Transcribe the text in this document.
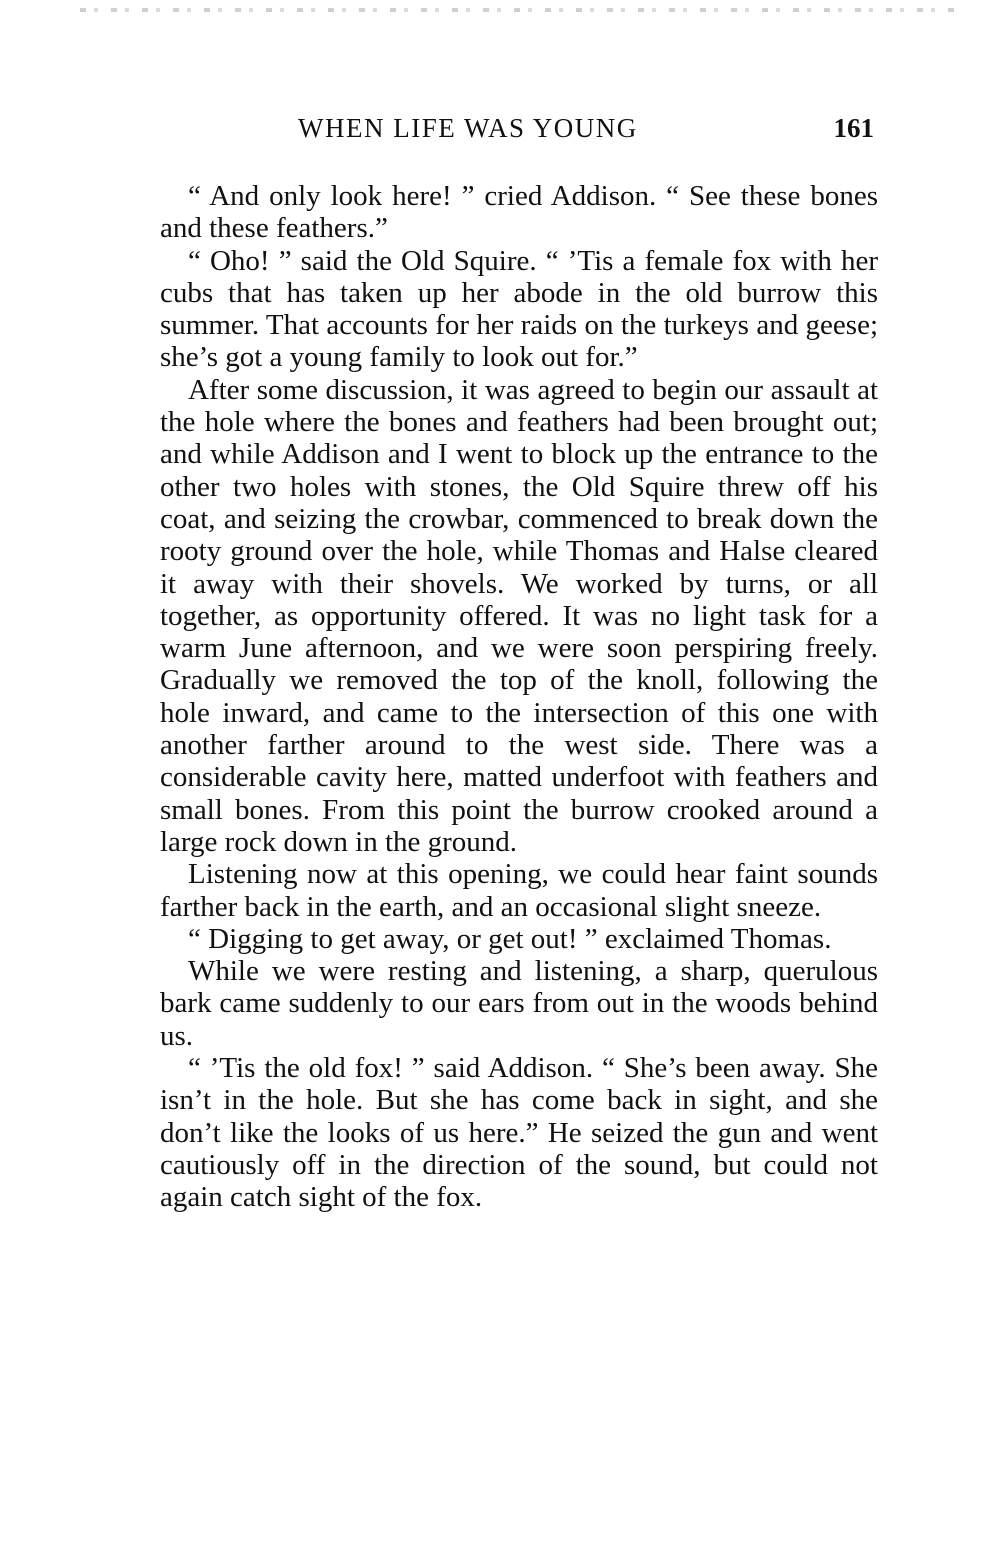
WHEN LIFE WAS YOUNG	161

“ And only look here! ” cried Addison. “ See these bones and these feathers.”

“ Oho! ” said the Old Squire. “ ’Tis a female fox with her cubs that has taken up her abode in the old burrow this summer. That accounts for her raids on the turkeys and geese; she’s got a young family to look out for.”

After some discussion, it was agreed to begin our assault at the hole where the bones and feathers had been brought out; and while Addison and I went to block up the entrance to the other two holes with stones, the Old Squire threw off his coat, and seizing the crowbar, commenced to break down the rooty ground over the hole, while Thomas and Halse cleared it away with their shovels. We worked by turns, or all together, as opportunity offered. It was no light task for a warm June afternoon, and we were soon perspiring freely. Gradually we removed the top of the knoll, following the hole inward, and came to the intersection of this one with another farther around to the west side. There was a considerable cavity here, matted underfoot with feathers and small bones. From this point the burrow crooked around a large rock down in the ground.

Listening now at this opening, we could hear faint sounds farther back in the earth, and an occasional slight sneeze.

“ Digging to get away, or get out! ” exclaimed Thomas.

While we were resting and listening, a sharp, querulous bark came suddenly to our ears from out in the woods behind us.

“ ’Tis the old fox! ” said Addison. “ She’s been away. She isn’t in the hole. But she has come back in sight, and she don’t like the looks of us here.” He seized the gun and went cautiously off in the direction of the sound, but could not again catch sight of the fox.
